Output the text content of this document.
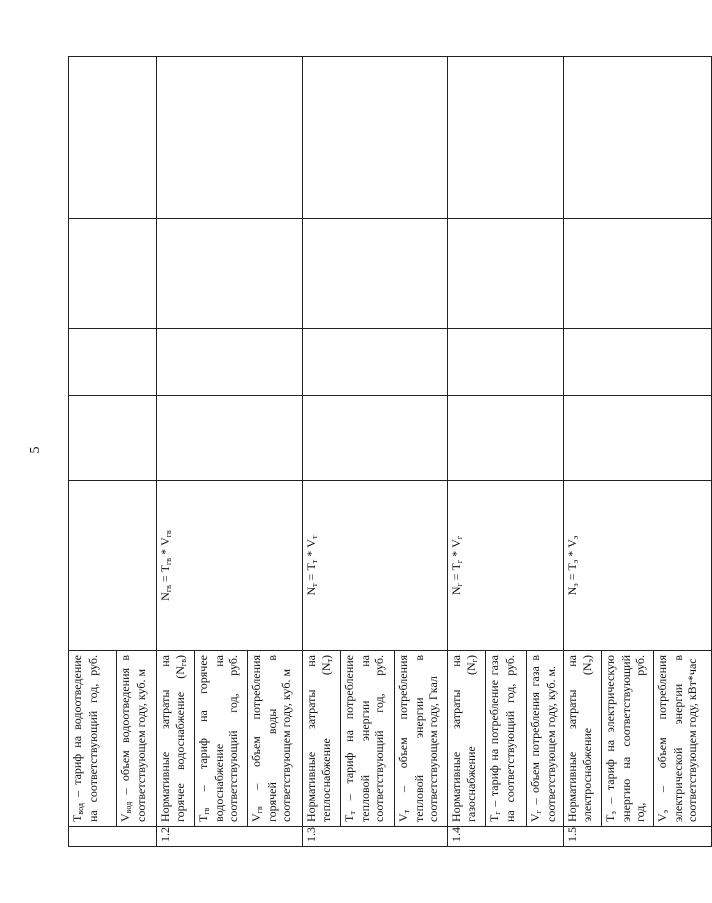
5
	$Т_{вод}$ – тариф на водоотведение на соответствующий год, руб.					
	$V_{вод}$ – объем водоотведения в соответствующем году, куб. м					
1.2	Нормативные затраты на горячее водоснабжение $(N_{гв})$	$N_{гв} = Т_{гв} * V_{гв}$				
	$Т_{гв}$ – тариф на горячее водоснабжение на соответствующий год, руб.					
	$V_{гв}$ – объем потребления горячей воды в соответствующем году, куб. м					
1.3	Нормативные затраты на теплоснабжение $(N_т)$	$N_т = Т_т * V_т$				
	$Т_т$ – тариф на потребление тепловой энергии на соответствующий год, руб.					
	$V_т$ – объем потребления тепловой энергии в соответствующем году, Гкал					
1.4	Нормативные затраты на газоснабжение $(N_г)$	$N_г = Т_г * V_г$				
	$Т_г$ – тариф на потребление газа на соответствующий год, руб.					
	$V_г$ – объем потребления газа в соответствующем году, куб. м.					
1.5	Нормативные затраты на электроснабжение $(N_э)$	$N_э = Т_э * V_э$				
	$Т_э$ – тариф на электрическую энергию на соответствующий год, руб.					
	$V_э$ – объем потребления электрической энергии в соответствующем году, кВт*час					
